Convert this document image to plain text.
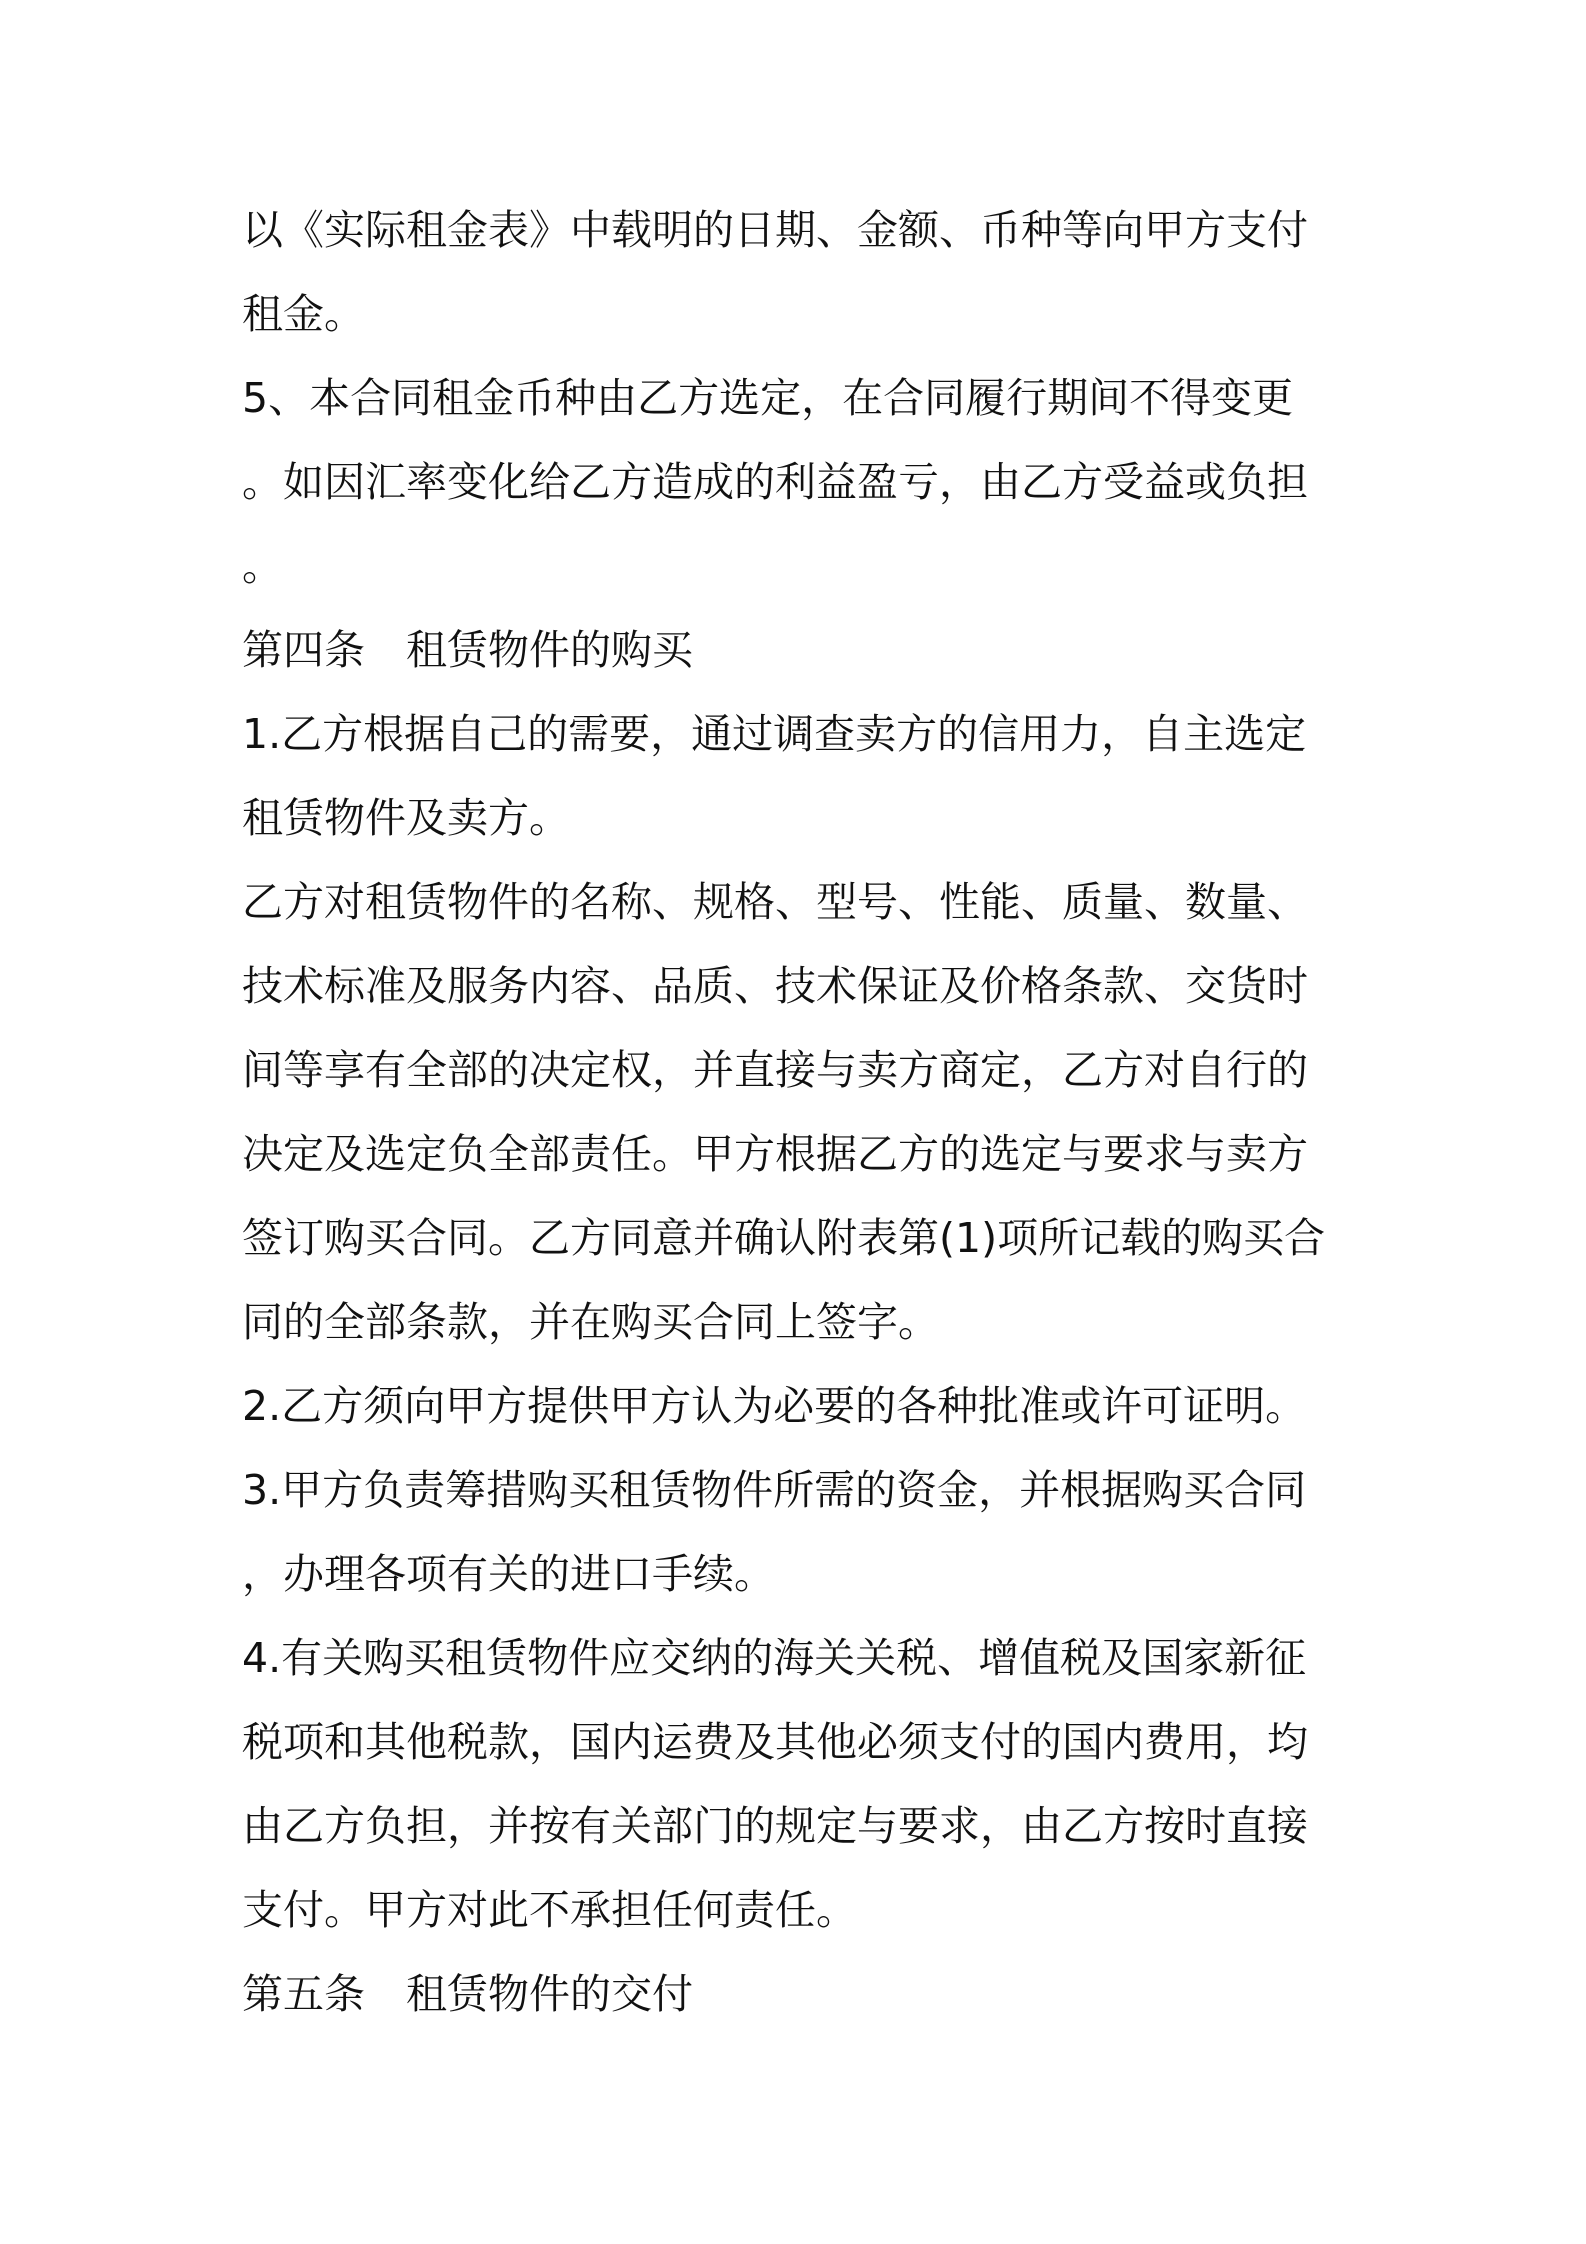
以《实际租金表》中载明的日期、金额、币种等向甲方支付
租金。
5、本合同租金币种由乙方选定，在合同履行期间不得变更
。如因汇率变化给乙方造成的利益盈亏，由乙方受益或负担
。
第四条　租赁物件的购买
1.乙方根据自己的需要，通过调查卖方的信用力，自主选定
租赁物件及卖方。
乙方对租赁物件的名称、规格、型号、性能、质量、数量、
技术标准及服务内容、品质、技术保证及价格条款、交货时
间等享有全部的决定权，并直接与卖方商定，乙方对自行的
决定及选定负全部责任。甲方根据乙方的选定与要求与卖方
签订购买合同。乙方同意并确认附表第(1)项所记载的购买合
同的全部条款，并在购买合同上签字。
2.乙方须向甲方提供甲方认为必要的各种批准或许可证明。
3.甲方负责筹措购买租赁物件所需的资金，并根据购买合同
，办理各项有关的进口手续。
4.有关购买租赁物件应交纳的海关关税、增值税及国家新征
税项和其他税款，国内运费及其他必须支付的国内费用，均
由乙方负担，并按有关部门的规定与要求，由乙方按时直接
支付。甲方对此不承担任何责任。
第五条　租赁物件的交付
